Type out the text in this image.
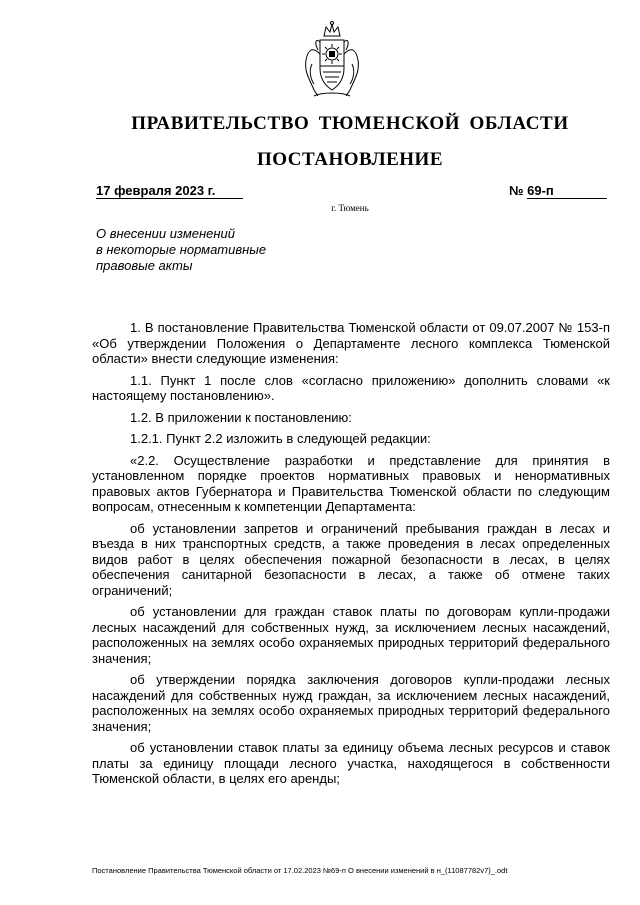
ПРАВИТЕЛЬСТВО ТЮМЕНСКОЙ ОБЛАСТИ
ПОСТАНОВЛЕНИЕ
17 февраля 2023 г.	№ 69-п
г. Тюмень
О внесении изменений
в некоторые нормативные
правовые акты

1. В постановление Правительства Тюменской области от 09.07.2007 № 153-п «Об утверждении Положения о Департаменте лесного комплекса Тюменской области» внести следующие изменения:

1.1. Пункт 1 после слов «согласно приложению» дополнить словами «к настоящему постановлению».

1.2. В приложении к постановлению:

1.2.1. Пункт 2.2 изложить в следующей редакции:

«2.2. Осуществление разработки и представление для принятия в установленном порядке проектов нормативных правовых и ненормативных правовых актов Губернатора и Правительства Тюменской области по следующим вопросам, отнесенным к компетенции Департамента:

об установлении запретов и ограничений пребывания граждан в лесах и въезда в них транспортных средств, а также проведения в лесах определенных видов работ в целях обеспечения пожарной безопасности в лесах, в целях обеспечения санитарной безопасности в лесах, а также об отмене таких ограничений;

об установлении для граждан ставок платы по договорам купли-продажи лесных насаждений для собственных нужд, за исключением лесных насаждений, расположенных на землях особо охраняемых природных территорий федерального значения;

об утверждении порядка заключения договоров купли-продажи лесных насаждений для собственных нужд граждан, за исключением лесных насаждений, расположенных на землях особо охраняемых природных территорий федерального значения;

об установлении ставок платы за единицу объема лесных ресурсов и ставок платы за единицу площади лесного участка, находящегося в собственности Тюменской области, в целях его аренды;

Постановление Правительства Тюменской области от 17.02.2023 №69-п О внесении изменений в н_(11087782v7)_.odt
